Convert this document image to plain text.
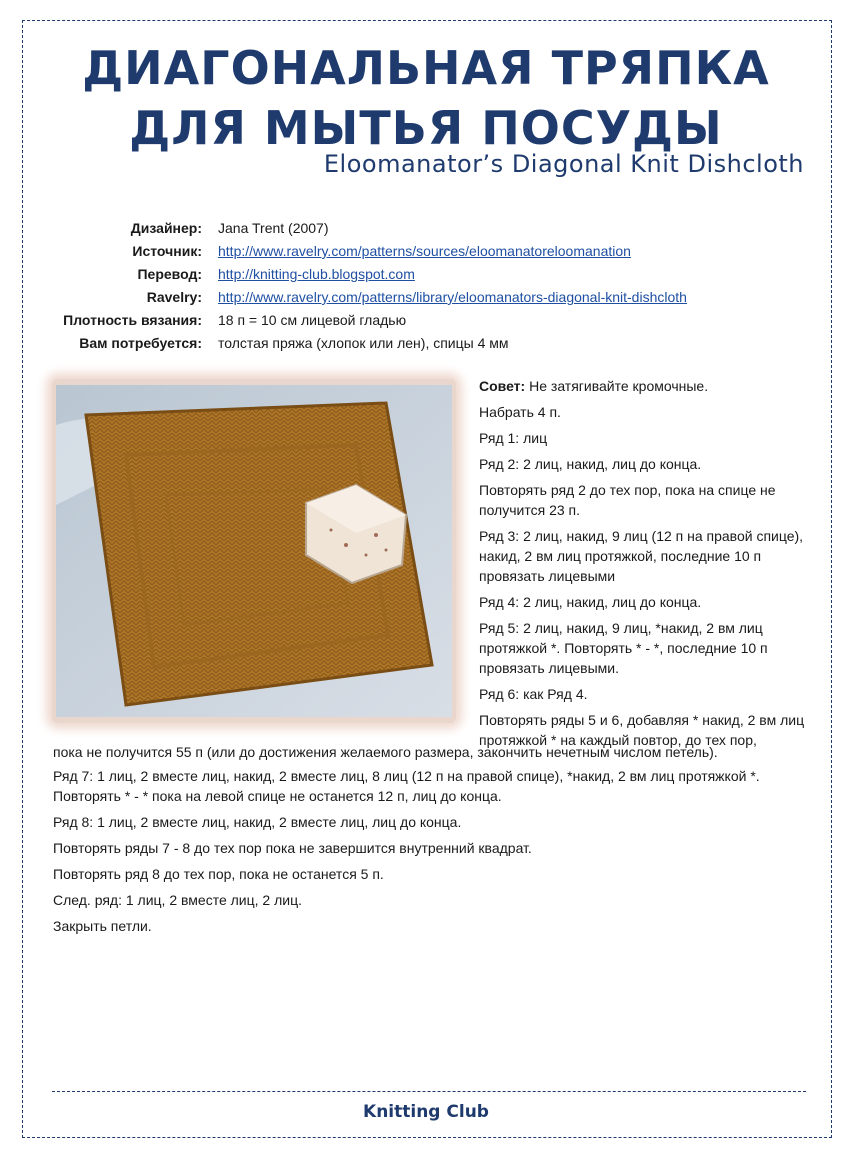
ДИАГОНАЛЬНАЯ ТРЯПКА
ДЛЯ МЫТЬЯ ПОСУДЫ
Eloomanator’s Diagonal Knit Dishcloth
Дизайнер:	Jana Trent (2007)
Источник:	http://www.ravelry.com/patterns/sources/eloomanatoreloomanation
Перевод:	http://knitting-club.blogspot.com
Ravelry:	http://www.ravelry.com/patterns/library/eloomanators-diagonal-knit-dishcloth
Плотность вязания:	18 п = 10 см лицевой гладью
Вам потребуется:	толстая пряжа (хлопок или лен), спицы 4 мм

Совет: Не затягивайте кромочные.

Набрать 4 п.

Ряд 1: лиц

Ряд 2: 2 лиц, накид, лиц до конца.

Повторять ряд 2 до тех пор, пока на спице не получится 23 п.

Ряд 3: 2 лиц, накид, 9 лиц (12 п на правой спице), накид, 2 вм лиц протяжкой, последние 10 п провязать лицевыми

Ряд 4: 2 лиц, накид, лиц до конца.

Ряд 5: 2 лиц, накид, 9 лиц, *накид, 2 вм лиц протяжкой *. Повторять * - *, последние 10 п провязать лицевыми.

Ряд 6: как Ряд 4.

Повторять ряды 5 и 6, добавляя * накид, 2 вм лиц протяжкой * на каждый повтор, до тех пор,

пока не получится 55 п (или до достижения желаемого размера, закончить нечетным числом петель).

Ряд 7: 1 лиц, 2 вместе лиц, накид, 2 вместе лиц, 8 лиц (12 п на правой спице), *накид, 2 вм лиц протяжкой *. Повторять * - * пока на левой спице не останется 12 п, лиц до конца.

Ряд 8: 1 лиц, 2 вместе лиц, накид, 2 вместе лиц, лиц до конца.

Повторять ряды 7 - 8 до тех пор пока не завершится внутренний квадрат.

Повторять ряд 8 до тех пор, пока не останется 5 п.

След. ряд: 1 лиц, 2 вместе лиц, 2 лиц.

Закрыть петли.

Knitting Club
